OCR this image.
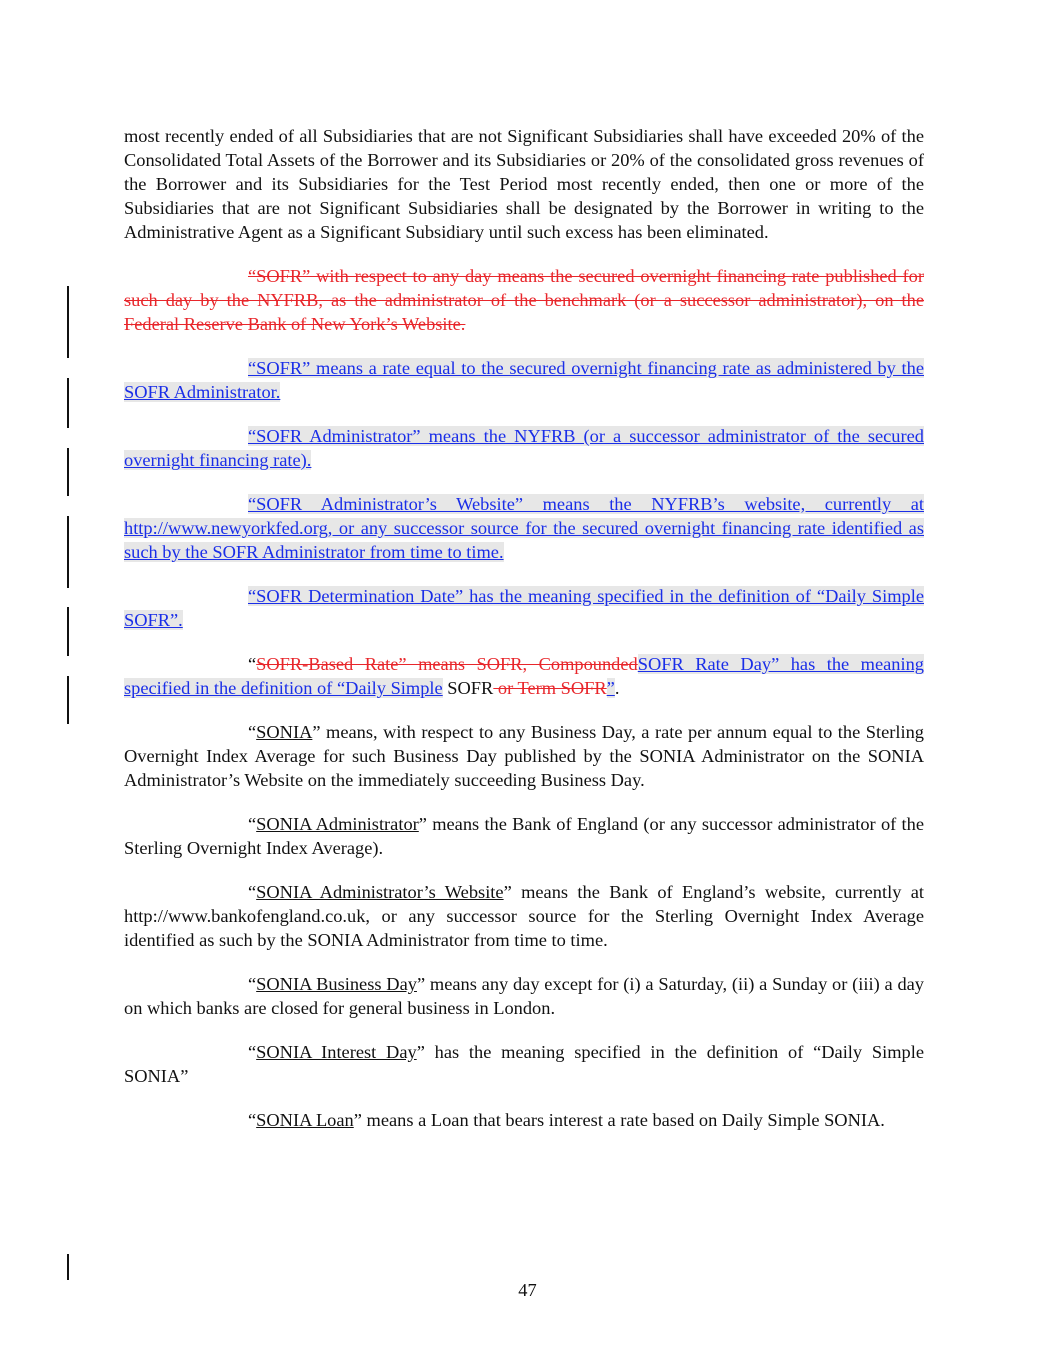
most recently ended of all Subsidiaries that are not Significant Subsidiaries shall have exceeded 20% of the Consolidated Total Assets of the Borrower and its Subsidiaries or 20% of the consolidated gross revenues of the Borrower and its Subsidiaries for the Test Period most recently ended, then one or more of the Subsidiaries that are not Significant Subsidiaries shall be designated by the Borrower in writing to the Administrative Agent as a Significant Subsidiary until such excess has been eliminated.

“SOFR” with respect to any day means the secured overnight financing rate published for such day by the NYFRB, as the administrator of the benchmark (or a successor administrator), on the Federal Reserve Bank of New York’s Website.

“SOFR” means a rate equal to the secured overnight financing rate as administered by the SOFR Administrator.

“SOFR Administrator” means the NYFRB (or a successor administrator of the secured overnight financing rate).

“SOFR Administrator’s Website” means the NYFRB’s website, currently at http://www.newyorkfed.org, or any successor source for the secured overnight financing rate identified as such by the SOFR Administrator from time to time.

“SOFR Determination Date” has the meaning specified in the definition of “Daily Simple SOFR”.

“SOFR-Based Rate” means SOFR, CompoundedSOFR Rate Day” has the meaning specified in the definition of “Daily Simple SOFR or Term SOFR”.

“SONIA” means, with respect to any Business Day, a rate per annum equal to the Sterling Overnight Index Average for such Business Day published by the SONIA Administrator on the SONIA Administrator’s Website on the immediately succeeding Business Day.

“SONIA Administrator” means the Bank of England (or any successor administrator of the Sterling Overnight Index Average).

“SONIA Administrator’s Website” means the Bank of England’s website, currently at http://www.bankofengland.co.uk, or any successor source for the Sterling Overnight Index Average identified as such by the SONIA Administrator from time to time.

“SONIA Business Day” means any day except for (i) a Saturday, (ii) a Sunday or (iii) a day on which banks are closed for general business in London.

“SONIA Interest Day” has the meaning specified in the definition of “Daily Simple SONIA”

“SONIA Loan” means a Loan that bears interest a rate based on Daily Simple SONIA.

47
